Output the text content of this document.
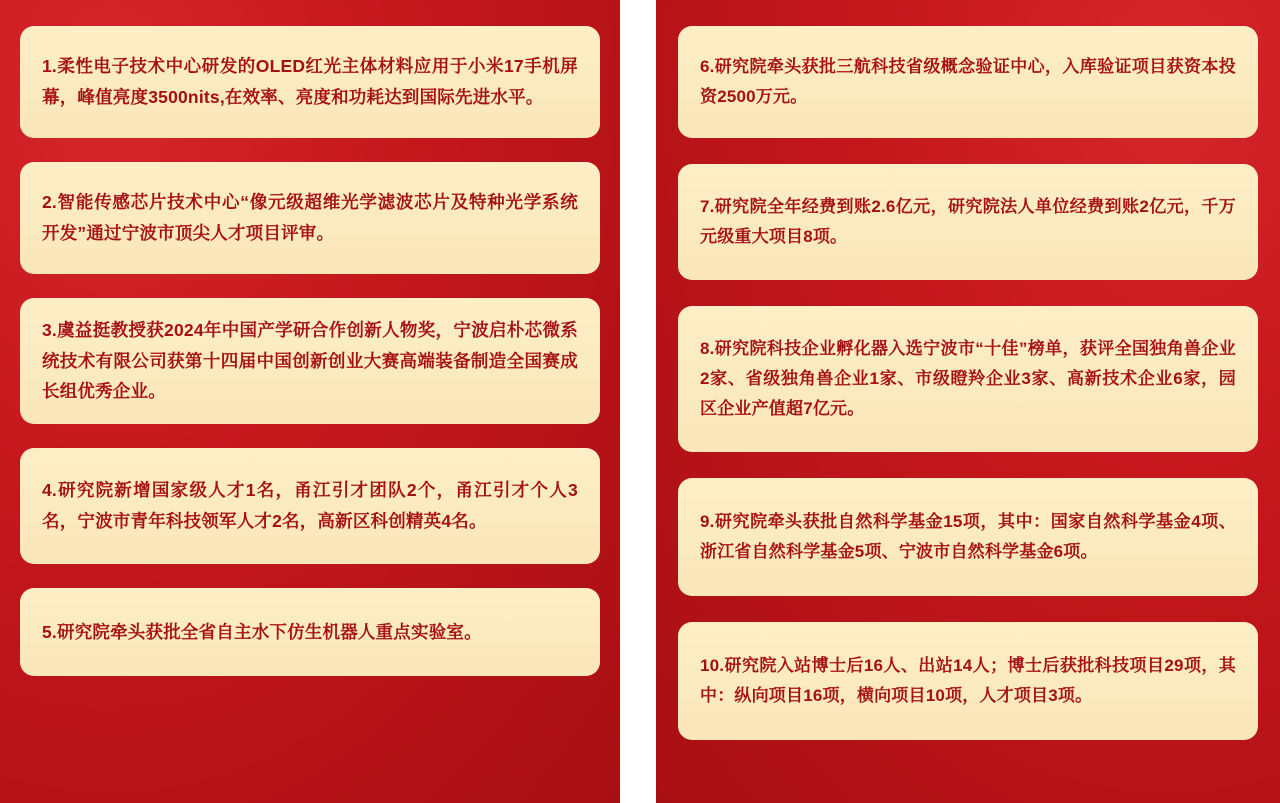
1.柔性电子技术中心研发的OLED红光主体材料应用于小米17手机屏幕，峰值亮度3500nits,在效率、亮度和功耗达到国际先进水平。
2.智能传感芯片技术中心“像元级超维光学滤波芯片及特种光学系统开发”通过宁波市顶尖人才项目评审。
3.虞益挺教授获2024年中国产学研合作创新人物奖，宁波启朴芯微系统技术有限公司获第十四届中国创新创业大赛高端装备制造全国赛成长组优秀企业。
4.研究院新增国家级人才1名，甬江引才团队2个，甬江引才个人3名，宁波市青年科技领军人才2名，高新区科创精英4名。
5.研究院牵头获批全省自主水下仿生机器人重点实验室。
6.研究院牵头获批三航科技省级概念验证中心，入库验证项目获资本投资2500万元。
7.研究院全年经费到账2.6亿元，研究院法人单位经费到账2亿元，千万元级重大项目8项。
8.研究院科技企业孵化器入选宁波市“十佳”榜单，获评全国独角兽企业2家、省级独角兽企业1家、市级瞪羚企业3家、高新技术企业6家，园区企业产值超7亿元。
9.研究院牵头获批自然科学基金15项，其中：国家自然科学基金4项、浙江省自然科学基金5项、宁波市自然科学基金6项。
10.研究院入站博士后16人、出站14人；博士后获批科技项目29项，其中：纵向项目16项，横向项目10项，人才项目3项。
